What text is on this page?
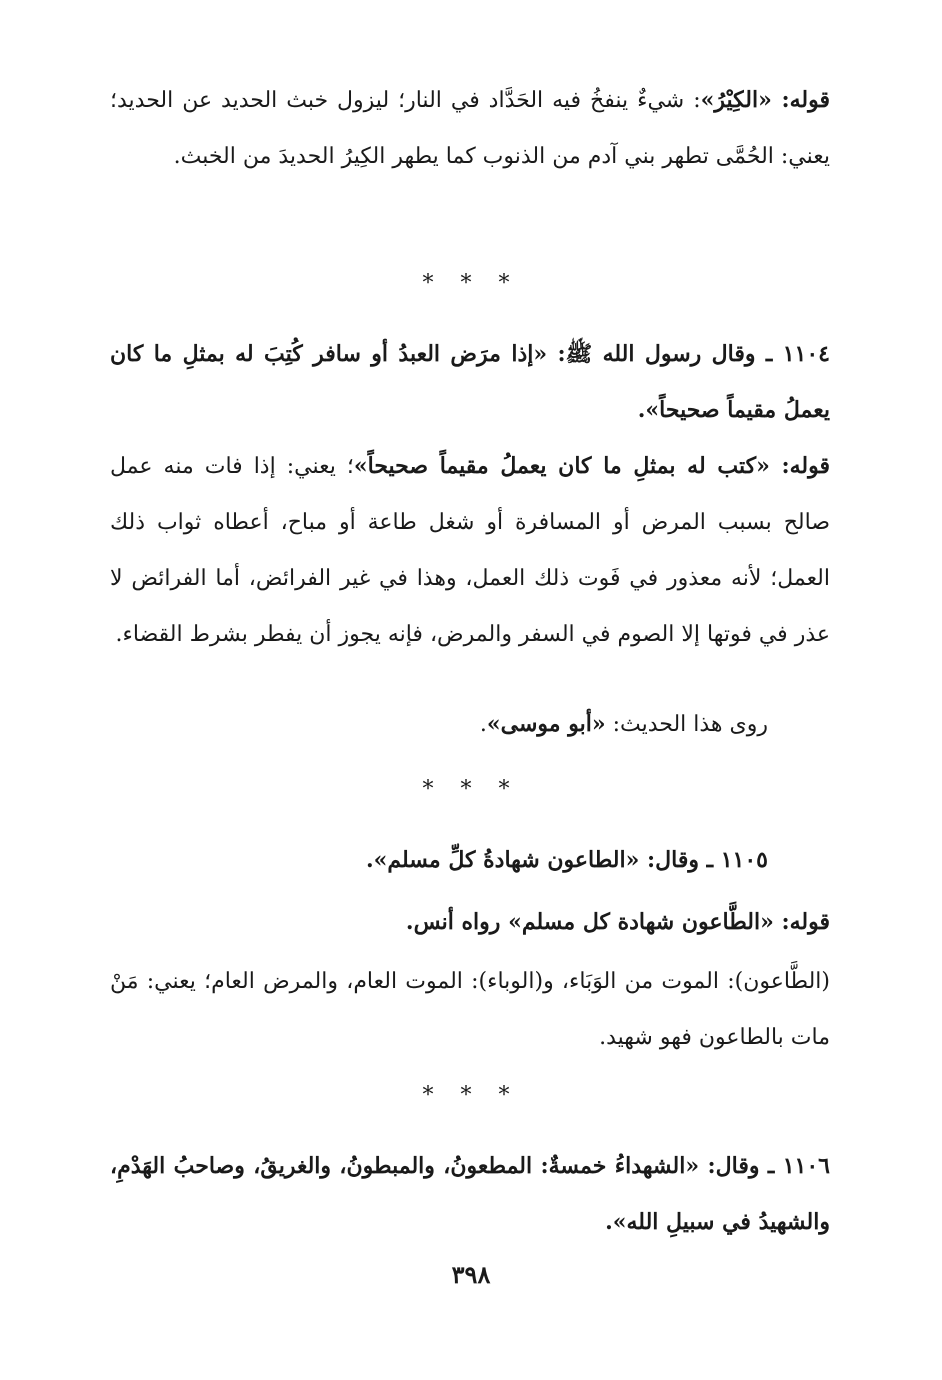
قوله: «الكِيْرُ»: شيءٌ ينفخُ فيه الحَدَّاد في النار؛ ليزول خبث الحديد عن الحديد؛ يعني: الحُمَّى تطهر بني آدم من الذنوب كما يطهر الكِيرُ الحديدَ من الخبث.

* * *

١١٠٤ ـ وقال رسول الله ﷺ: «إذا مرَض العبدُ أو سافر كُتِبَ له بمثلِ ما كان يعملُ مقيماً صحيحاً».

قوله: «كتب له بمثلِ ما كان يعملُ مقيماً صحيحاً»؛ يعني: إذا فات منه عمل صالح بسبب المرض أو المسافرة أو شغل طاعة أو مباح، أعطاه ثواب ذلك العمل؛ لأنه معذور في فَوت ذلك العمل، وهذا في غير الفرائض، أما الفرائض لا عذر في فوتها إلا الصوم في السفر والمرض، فإنه يجوز أن يفطر بشرط القضاء.

روى هذا الحديث: «أبو موسى».

* * *

١١٠٥ ـ وقال: «الطاعون شهادةُ كلِّ مسلم».

قوله: «الطَّاعون شهادة كل مسلم» رواه أنس.

(الطَّاعون): الموت من الوَبَاء، و(الوباء): الموت العام، والمرض العام؛ يعني: مَنْ مات بالطاعون فهو شهيد.

* * *

١١٠٦ ـ وقال: «الشهداءُ خمسةٌ: المطعونُ، والمبطونُ، والغريقُ، وصاحبُ الهَدْمِ، والشهيدُ في سبيلِ الله».

٣٩٨
